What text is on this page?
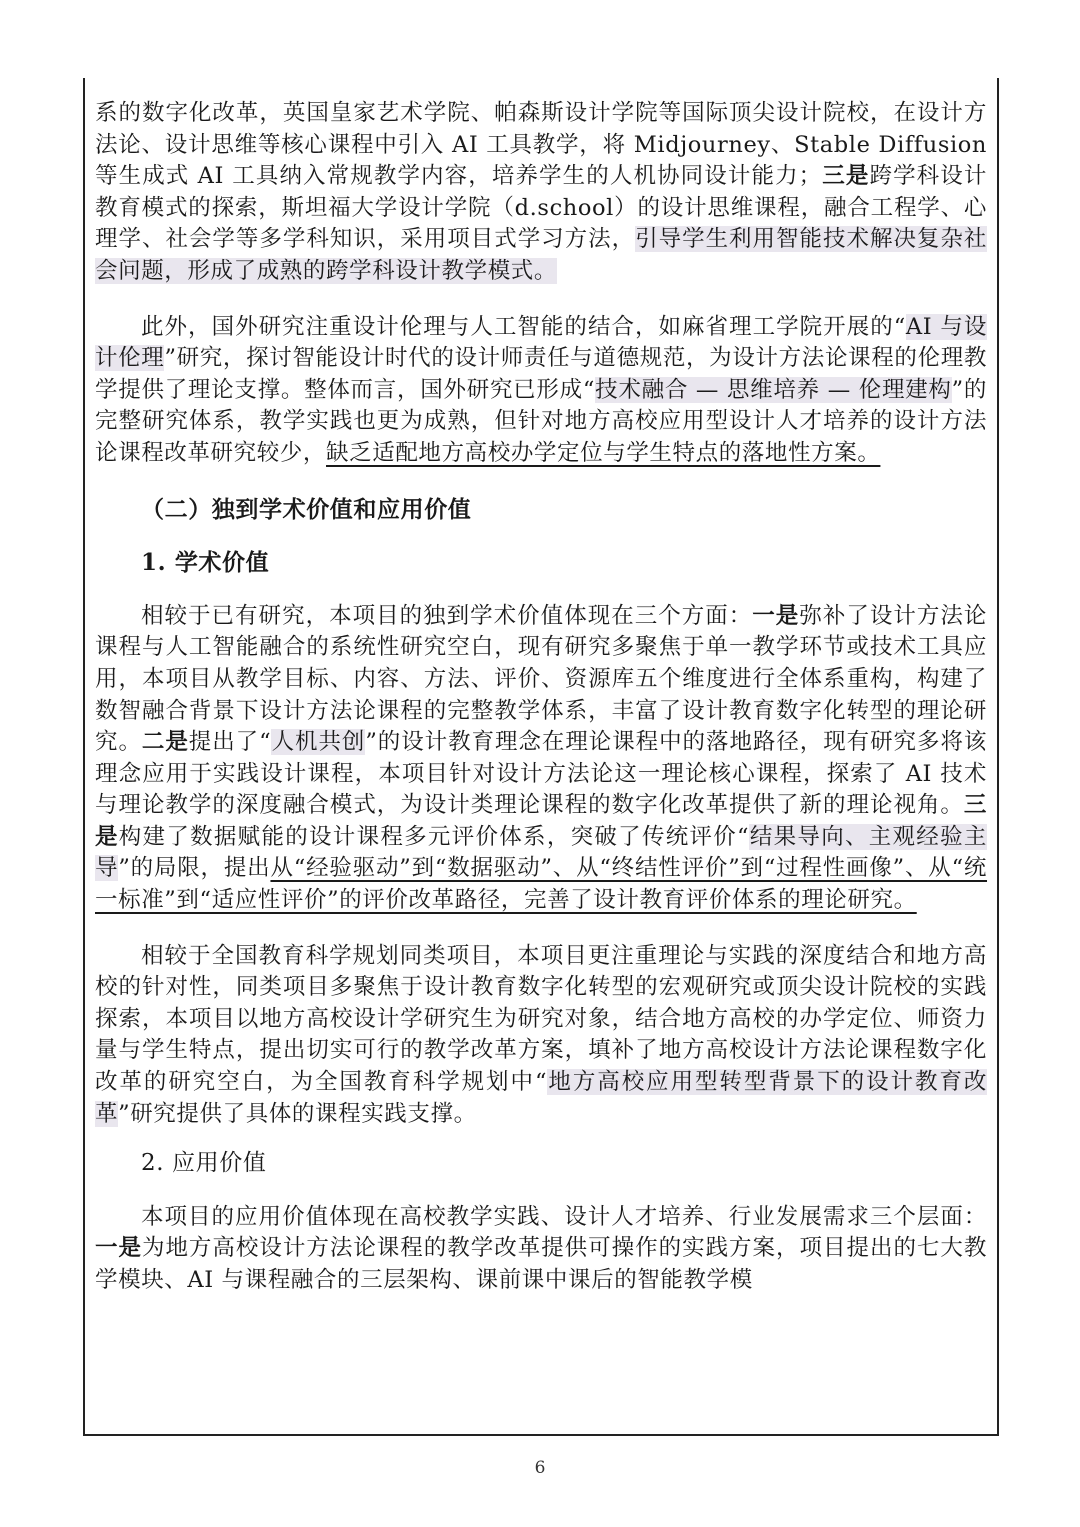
系的数字化改革，英国皇家艺术学院、帕森斯设计学院等国际顶尖设计院校，在设计方法论、设计思维等核心课程中引入 AI 工具教学，将 Midjourney、Stable Diffusion 等生成式 AI 工具纳入常规教学内容，培养学生的人机协同设计能力；三是跨学科设计教育模式的探索，斯坦福大学设计学院（d.school）的设计思维课程，融合工程学、心理学、社会学等多学科知识，采用项目式学习方法，引导学生利用智能技术解决复杂社会问题，形成了成熟的跨学科设计教学模式。

此外，国外研究注重设计伦理与人工智能的结合，如麻省理工学院开展的“AI 与设计伦理”研究，探讨智能设计时代的设计师责任与道德规范，为设计方法论课程的伦理教学提供了理论支撑。整体而言，国外研究已形成“技术融合 — 思维培养 — 伦理建构”的完整研究体系，教学实践也更为成熟，但针对地方高校应用型设计人才培养的设计方法论课程改革研究较少，缺乏适配地方高校办学定位与学生特点的落地性方案。

（二）独到学术价值和应用价值
1. 学术价值

相较于已有研究，本项目的独到学术价值体现在三个方面：一是弥补了设计方法论课程与人工智能融合的系统性研究空白，现有研究多聚焦于单一教学环节或技术工具应用，本项目从教学目标、内容、方法、评价、资源库五个维度进行全体系重构，构建了数智融合背景下设计方法论课程的完整教学体系，丰富了设计教育数字化转型的理论研究。二是提出了“人机共创”的设计教育理念在理论课程中的落地路径，现有研究多将该理念应用于实践设计课程，本项目针对设计方法论这一理论核心课程，探索了 AI 技术与理论教学的深度融合模式，为设计类理论课程的数字化改革提供了新的理论视角。三是构建了数据赋能的设计课程多元评价体系，突破了传统评价“结果导向、主观经验主导”的局限，提出从“经验驱动”到“数据驱动”、从“终结性评价”到“过程性画像”、从“统一标准”到“适应性评价”的评价改革路径，完善了设计教育评价体系的理论研究。

相较于全国教育科学规划同类项目，本项目更注重理论与实践的深度结合和地方高校的针对性，同类项目多聚焦于设计教育数字化转型的宏观研究或顶尖设计院校的实践探索，本项目以地方高校设计学研究生为研究对象，结合地方高校的办学定位、师资力量与学生特点，提出切实可行的教学改革方案，填补了地方高校设计方法论课程数字化改革的研究空白，为全国教育科学规划中“地方高校应用型转型背景下的设计教育改革”研究提供了具体的课程实践支撑。

2. 应用价值

本项目的应用价值体现在高校教学实践、设计人才培养、行业发展需求三个层面：一是为地方高校设计方法论课程的教学改革提供可操作的实践方案，项目提出的七大教学模块、AI 与课程融合的三层架构、课前课中课后的智能教学模

6
